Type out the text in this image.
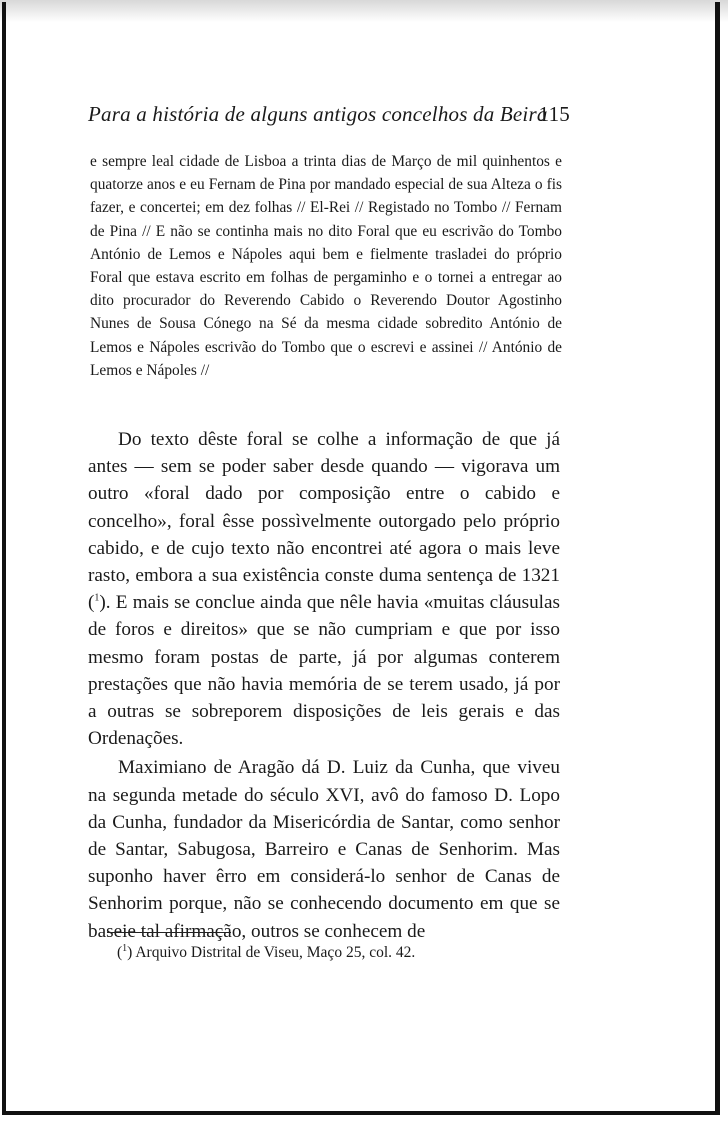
Para a história de alguns antigos concelhos da Beira
115
e sempre leal cidade de Lisboa a trinta dias de Março de mil quinhentos e quatorze anos e eu Fernam de Pina por mandado especial de sua Alteza o fis fazer, e concertei; em dez folhas // El-Rei // Registado no Tombo // Fernam de Pina // E não se continha mais no dito Foral que eu escrivão do Tombo António de Lemos e Nápoles aqui bem e fielmente trasladei do próprio Foral que estava escrito em folhas de pergaminho e o tornei a entregar ao dito procurador do Reverendo Cabido o Reverendo Doutor Agostinho Nunes de Sousa Cónego na Sé da mesma cidade sobredito António de Lemos e Nápoles escrivão do Tombo que o escrevi e assinei // António de Lemos e Nápoles //

Do texto dêste foral se colhe a informação de que já antes — sem se poder saber desde quando — vigorava um outro «foral dado por composição entre o cabido e concelho», foral êsse possìvelmente outorgado pelo próprio cabido, e de cujo texto não encontrei até agora o mais leve rasto, embora a sua existência conste duma sentença de 1321 ($^1$). E mais se conclue ainda que nêle havia «muitas cláusulas de foros e direitos» que se não cumpriam e que por isso mesmo foram postas de parte, já por algumas conterem prestações que não havia memória de se terem usado, já por a outras se sobreporem disposições de leis gerais e das Ordenações.

Maximiano de Aragão dá D. Luiz da Cunha, que viveu na segunda metade do século XVI, avô do famoso D. Lopo da Cunha, fundador da Misericórdia de Santar, como senhor de Santar, Sabugosa, Barreiro e Canas de Senhorim. Mas suponho haver êrro em considerá-lo senhor de Canas de Senhorim porque, não se conhecendo documento em que se baseie tal afirmação, outros se conhecem de

($^1$) Arquivo Distrital de Viseu, Maço 25, col. 42.
